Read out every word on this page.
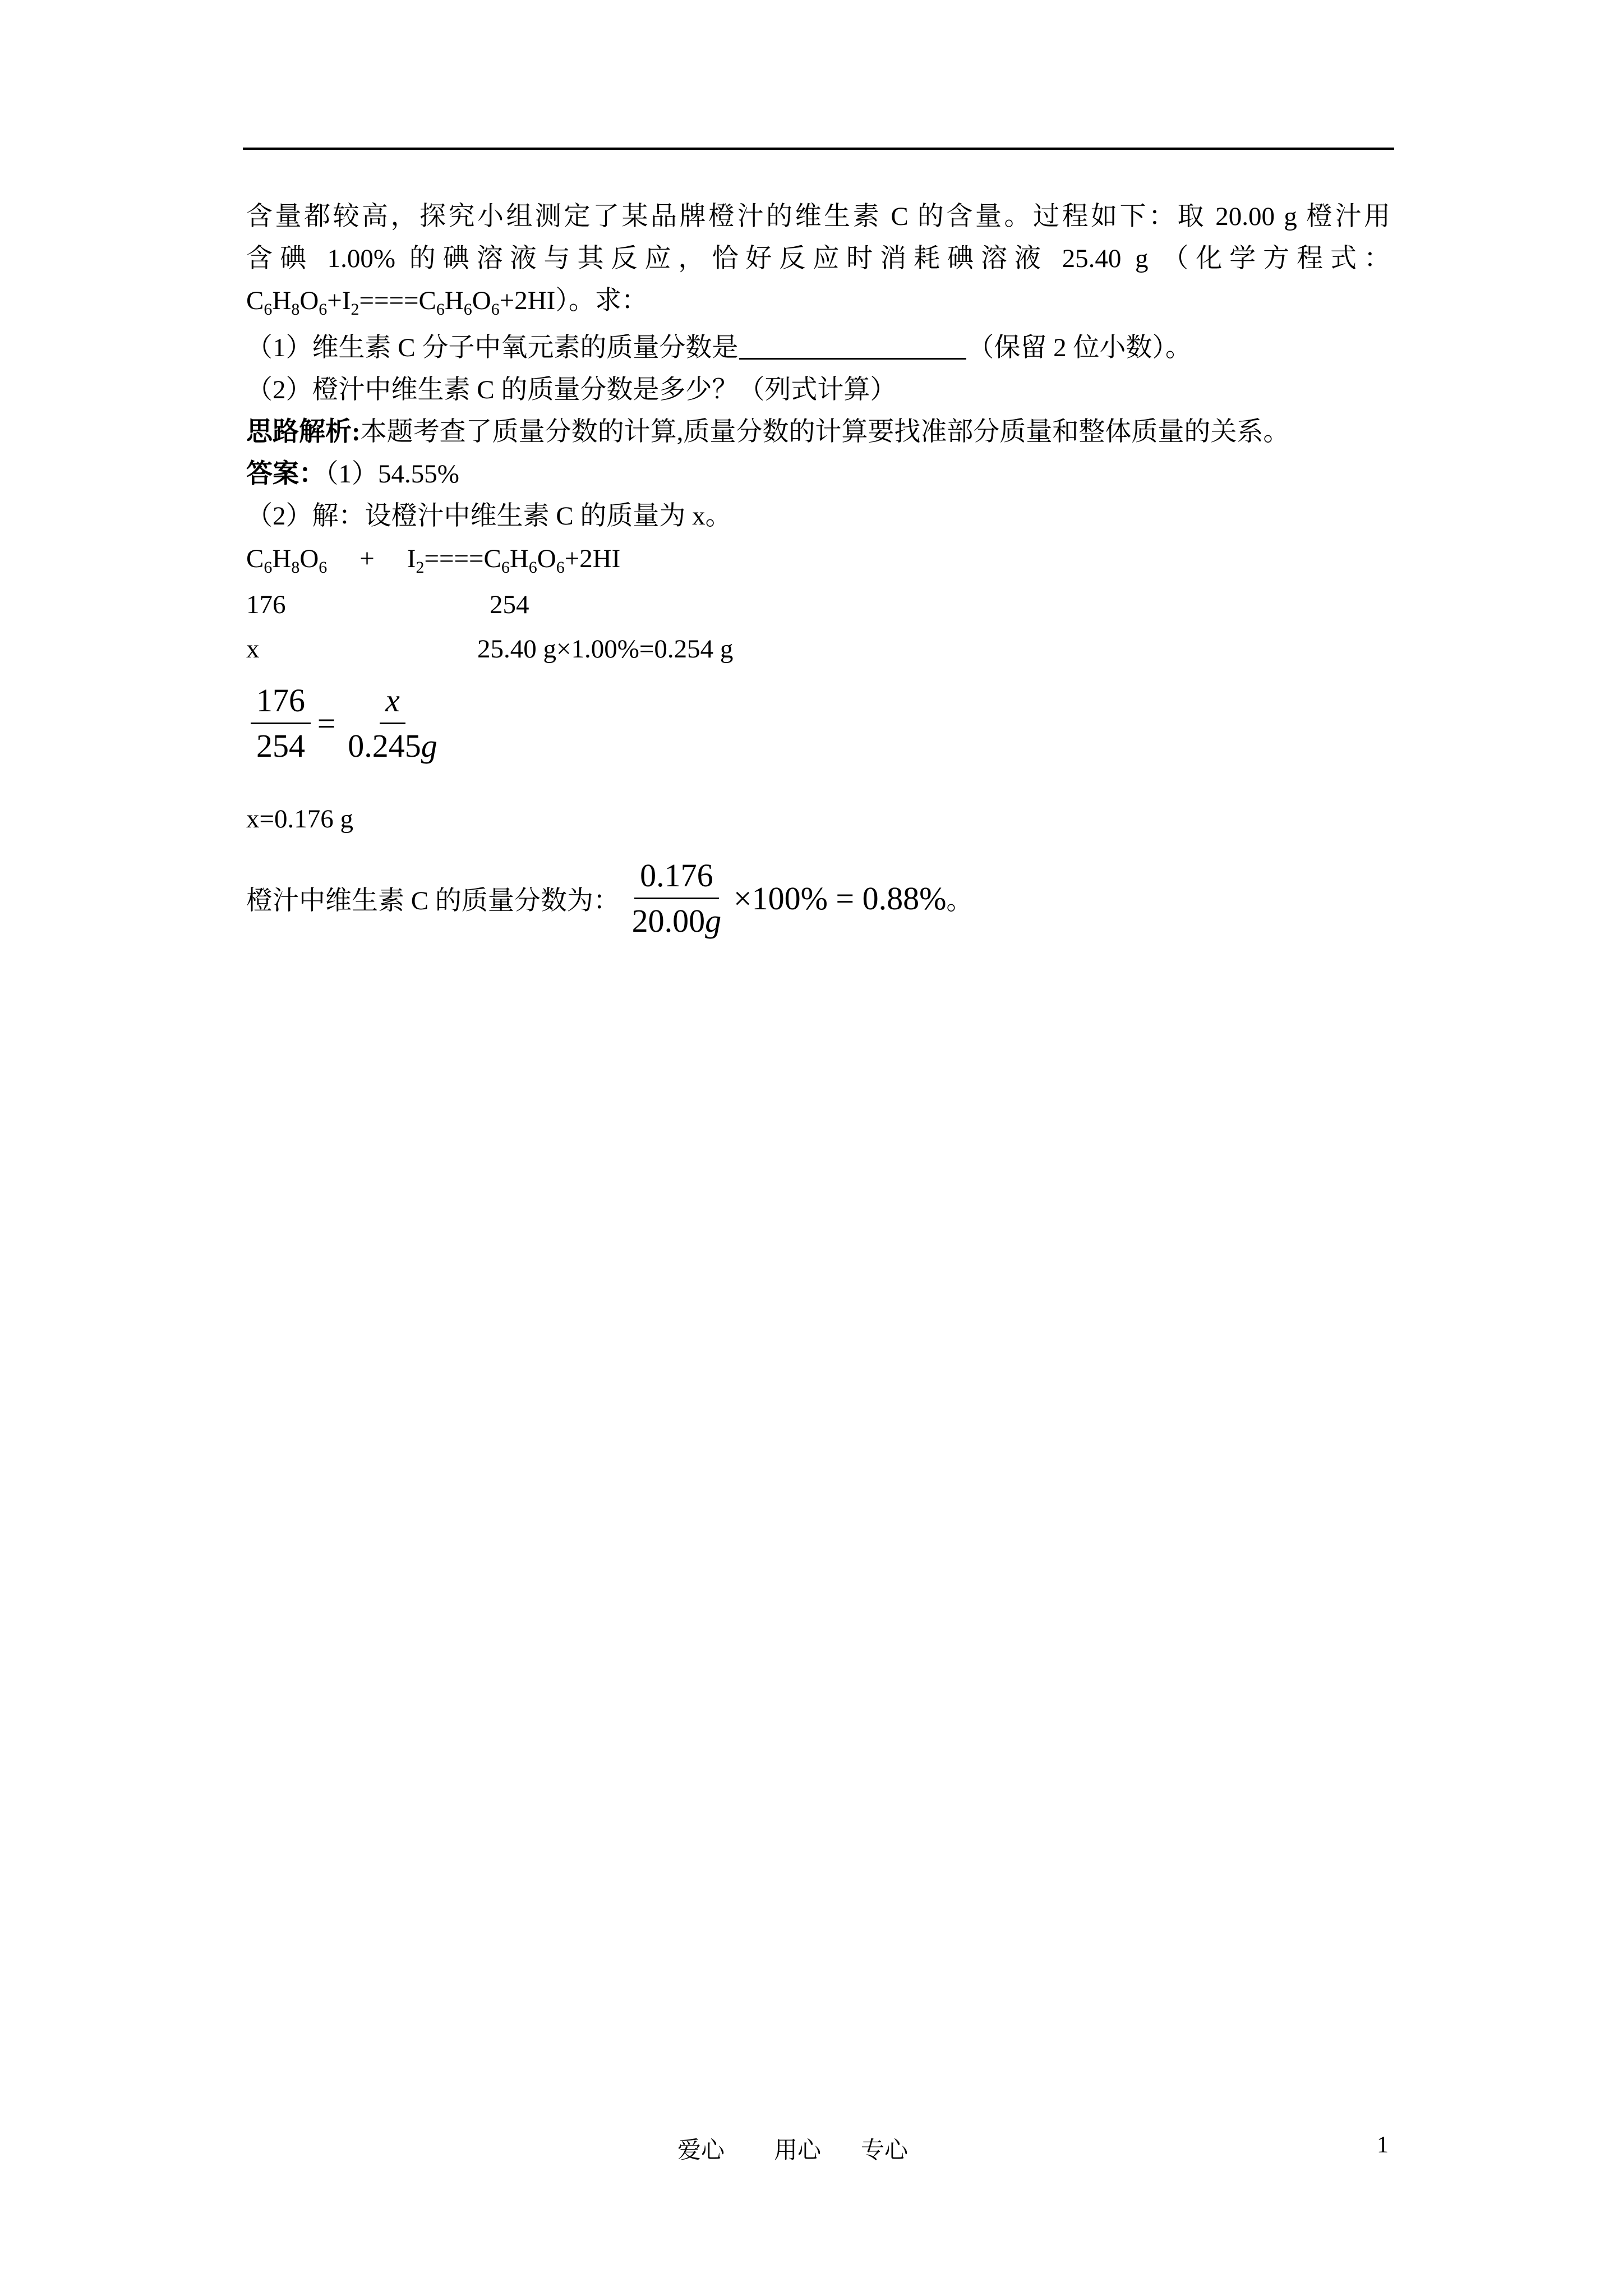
含量都较高，探究小组测定了某品牌橙汁的维生素 C 的含量。过程如下：取 20.00 g 橙汁用
含碘 1.00% 的碘溶液与其反应，恰好反应时消耗碘溶液 25.40 g （化学方程式：
$C_6H_8O_6+I_2====C_6H_6O_6+2HI$）。求：
（1）维生素 C 分子中氧元素的质量分数是	（保留 2 位小数）。
（2）橙汁中维生素 C 的质量分数是多少？（列式计算）
思路解析:本题考查了质量分数的计算,质量分数的计算要找准部分质量和整体质量的关系。
答案：（1）54.55%
（2）解：设橙汁中维生素 C 的质量为 x。
$C_6H_8O_6 + I_2====C_6H_6O_6+2HI$
176	254
x	25.40 g×1.00%=0.254 g
$\frac{176}{254} = \frac{x}{0.245g}$
x=0.176 g
橙汁中维生素 C 的质量分数为： $\frac{0.176}{20.00g} \times 100\% = 0.88\%$。
爱心 用心 专心	1
